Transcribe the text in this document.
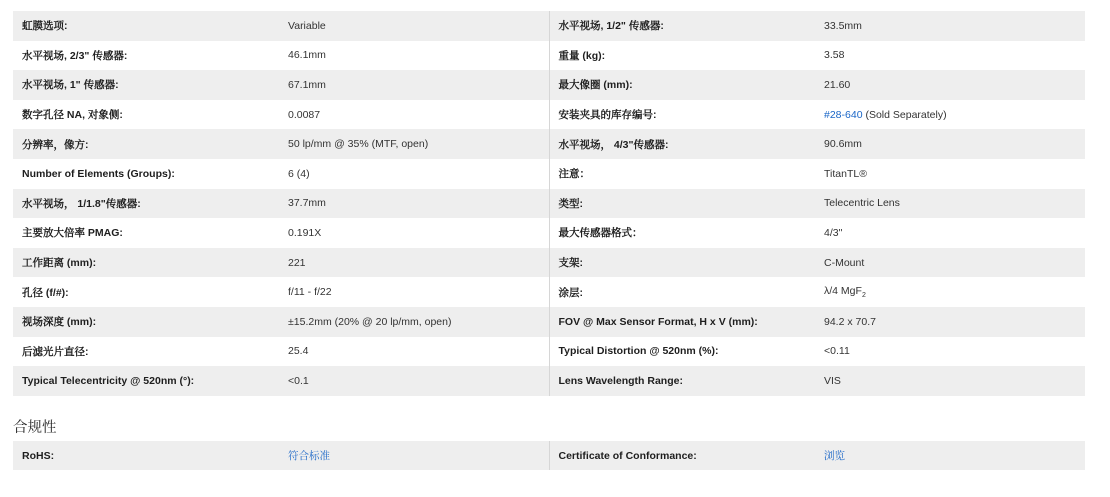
虹膜选项:	Variable	水平视场, 1/2" 传感器:	33.5mm
水平视场, 2/3" 传感器:	46.1mm	重量 (kg):	3.58
水平视场, 1" 传感器:	67.1mm	最大像圈 (mm):	21.60
数字孔径 NA, 对象侧:	0.0087	安装夹具的库存编号:	#28-640 (Sold Separately)
分辨率，像方:	50 lp/mm @ 35% (MTF, open)	水平视场， 4/3"传感器:	90.6mm
Number of Elements (Groups):	6 (4)	注意：	TitanTL®
水平视场， 1/1.8"传感器:	37.7mm	类型:	Telecentric Lens
主要放大倍率 PMAG:	0.191X	最大传感器格式：	4/3"
工作距离 (mm):	221	支架:	C-Mount
孔径 (f/#):	f/11 - f/22	涂层:	λ/4 MgF$_2$
视场深度 (mm):	±15.2mm (20% @ 20 lp/mm, open)	FOV @ Max Sensor Format, H x V (mm):	94.2 x 70.7
后滤光片直径:	25.4	Typical Distortion @ 520nm (%):	<0.11
Typical Telecentricity @ 520nm (°):	<0.1	Lens Wavelength Range:	VIS
合规性
RoHS:	符合标准	Certificate of Conformance:	浏览
